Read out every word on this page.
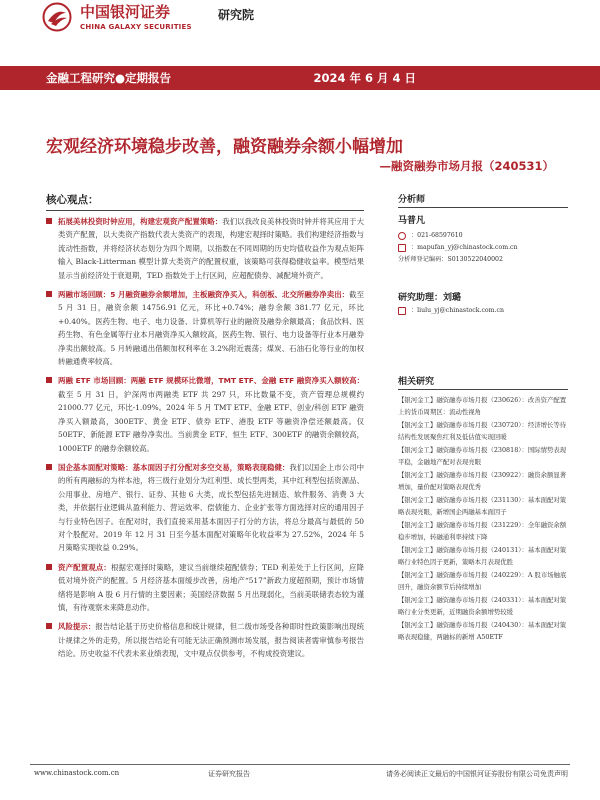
中国银河证券
CHINA GALAXY SECURITIES
研究院
金融工程研究●定期报告	2024 年 6 月 4 日
宏观经济环境稳步改善，融资融券余额小幅增加
—融资融券市场月报（240531）
核心观点：
拓展美林投资时钟应用，构建宏观资产配置策略：我们以我改良美林投资时钟并将其应用于大类资产配置，以大类资产指数代表大类资产的表现，构建宏观择时策略。我们构建经济指数与流动性指数，并将经济状态划分为四个周期，以指数在不同周期的历史均值收益作为观点矩阵输入 Black-Litterman 模型计算大类资产的配置权重，该策略可获得稳健收益率。模型结果显示当前经济处于衰退期，TED 指数处于上行区间，应超配债券、减配境外资产。
两融市场回顾：5 月融资融券余额增加，主板融资净买入，科创板、北交所融券净卖出：截至 5 月 31 日，融资余额 14756.91 亿元，环比+0.74%；融券余额 381.77 亿元，环比+0.40%。医药生物、电子、电力设备、计算机等行业的融资及融券余额最高；食品饮料、医药生物、有色金属等行业本月融资净买入额较高，医药生物、银行、电力设备等行业本月融券净卖出额较高。5 月转融通出借额加权利率在 3.2%附近震荡；煤炭、石油石化等行业的加权转融通费率较高。
两融 ETF 市场回顾：两融 ETF 规模环比微增，TMT ETF、金融 ETF 融资净买入额较高：截至 5 月 31 日，沪深两市两融类 ETF 共 297 只，环比数量不变，资产管理总规模约 21000.77 亿元，环比-1.09%。2024 年 5 月 TMT ETF、金融 ETF、创业/科创 ETF 融资净买入额最高，300ETF、黄金 ETF、债券 ETF、港股 ETF 等融资净偿还额最高。仅 50ETF、新能源 ETF 融券净卖出。当前黄金 ETF、恒生 ETF、300ETF 的融资余额较高，1000ETF 的融券余额较高。
国企基本面配对策略：基本面因子打分配对多空交易，策略表现稳健：我们以国企上市公司中的所有两融标的为样本池，将三级行业划分为红利型、成长型两类，其中红利型包括资源品、公用事业、房地产、银行、证券、其他 6 大类，成长型包括先进制造、软件服务、消费 3 大类，并依据行业逻辑从盈利能力、营运效率、偿债能力、企业扩张等方面选择对应的通用因子与行业特色因子。在配对时，我们直接采用基本面因子打分的方法，将总分最高与最低的 50 对个股配对。2019 年 12 月 31 日至今基本面配对策略年化收益率为 27.52%，2024 年 5 月策略实现收益 0.29%。
资产配置观点：根据宏观择时策略，建议当前继续超配债券；TED 利差处于上行区间，应降低对境外资产的配置。5 月经济基本面缓步改善，房地产“517”新政力度超预期，预计市场情绪将是影响 A 股 6 月行情的主要因素；美国经济数据 5 月出现弱化，当前美联储表态较为谨慎，有待观察未来降息动作。
风险提示：报告结论基于历史价格信息和统计规律，但二级市场受各种即时性政策影响出现统计规律之外的走势，所以报告结论有可能无法正确预测市场发展，报告阅读者需审慎参考报告结论。历史收益不代表未来业绩表现，文中观点仅供参考，不构成投资建议。
分析师
马普凡
：021-68597610
：mapufan_yj@chinastock.com.cn
分析师登记编码：S0130522040002
研究助理：刘璐
：liulu_yj@chinastock.com.cn
相关研究
【银河金工】融资融券市场月报（230626）：改善资产配置上的货币周期区：流动性视角
【银河金工】融资融券市场月报（230720）：经济增长等待结构性发展聚焦红利及低估值实现回暖
【银河金工】融资融券市场月报（230818）：国际情势表现平稳，金融地产配对表现亮眼
【银河金工】融资融券市场月报（230922）：融资余额显著增加，量价配对策略表现优秀
【银河金工】融资融券市场月报（231130）：基本面配对策略表现亮眼，新增国企两融基本面因子
【银河金工】融资融券市场月报（231229）：全年融资余额稳步增加，转融通利率持续下降
【银河金工】融资融券市场月报（240131）：基本面配对策略行业特色因子更新，策略本月表现优胜
【银河金工】融资融券市场月报（240229）：A 股市场触底回升，融资余额节后持续增加
【银河金工】融资融券市场月报（240331）：基本面配对策略行业分类更新，近期融资余额增势较缓
【银河金工】融资融券市场月报（240430）：基本面配对策略表现稳健，两融标的新增 A50ETF
www.chinastock.com.cn	证券研究报告	请务必阅读正文最后的中国银河证券股份有限公司免责声明
